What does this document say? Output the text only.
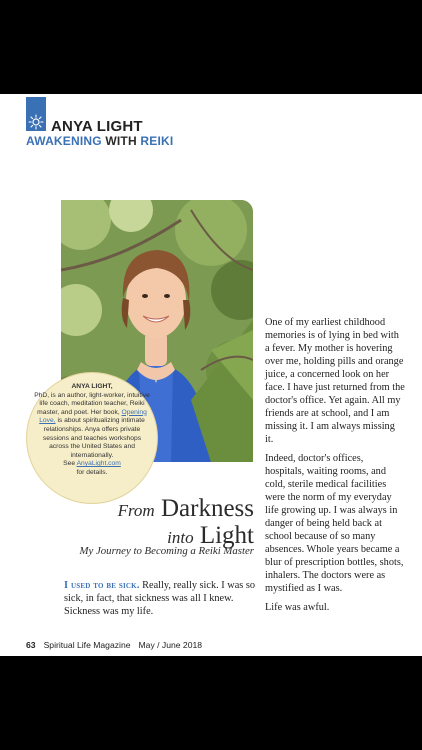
ANYA LIGHT
AWAKENING WITH REIKI
ANYA LIGHT,
PhD, is an author, light-worker, intuitive life coach, meditation teacher, Reiki master, and poet. Her book, Opening Love, is about spiritualizing intimate relationships. Anya offers private sessions and teaches workshops across the United States and internationally.
See AnyaLight.com
for details.
From Darkness
into Light
My Journey to Becoming a Reiki Master
I used to be sick. Really, really sick. I was so sick, in fact, that sickness was all I knew. Sickness was my life.

One of my earliest childhood memories is of lying in bed with a fever. My mother is hovering over me, holding pills and orange juice, a concerned look on her face. I have just returned from the doctor's office. Yet again. All my friends are at school, and I am missing it. I am always missing it.

Indeed, doctor's offices, hospitals, waiting rooms, and cold, sterile medical facilities were the norm of my everyday life growing up. I was always in danger of being held back at school because of so many absences. Whole years became a blur of prescription bottles, shots, inhalers. The doctors were as mystified as I was.

Life was awful.

63 Spiritual Life Magazine May / June 2018
